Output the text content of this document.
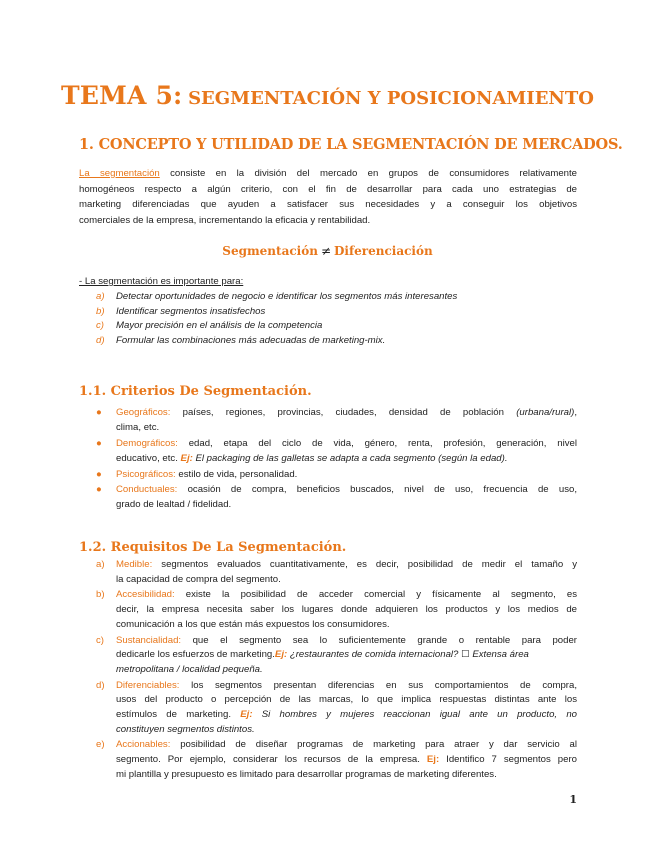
TEMA 5: SEGMENTACIÓN Y POSICIONAMIENTO
1. CONCEPTO Y UTILIDAD DE LA SEGMENTACIÓN DE MERCADOS.
La segmentación consiste en la división del mercado en grupos de consumidores relativamente
homogéneos respecto a algún criterio, con el fin de desarrollar para cada uno estrategias de
marketing diferenciadas que ayuden a satisfacer sus necesidades y a conseguir los objetivos
comerciales de la empresa, incrementando la eficacia y rentabilidad.
Segmentación ≠ Diferenciación
- La segmentación es importante para:
a) Detectar oportunidades de negocio e identificar los segmentos más interesantes
b) Identificar segmentos insatisfechos
c) Mayor precisión en el análisis de la competencia
d) Formular las combinaciones más adecuadas de marketing-mix.
1.1. Criterios De Segmentación.
● Geográficos: países, regiones, provincias, ciudades, densidad de población (urbana/rural),
clima, etc.
● Demográficos: edad, etapa del ciclo de vida, género, renta, profesión, generación, nivel
educativo, etc. Ej: El packaging de las galletas se adapta a cada segmento (según la edad).
● Psicográficos: estilo de vida, personalidad.
● Conductuales: ocasión de compra, beneficios buscados, nivel de uso, frecuencia de uso,
grado de lealtad / fidelidad.
1.2. Requisitos De La Segmentación.
a) Medible: segmentos evaluados cuantitativamente, es decir, posibilidad de medir el tamaño y
la capacidad de compra del segmento.
b) Accesibilidad: existe la posibilidad de acceder comercial y físicamente al segmento, es
decir, la empresa necesita saber los lugares donde adquieren los productos y los medios de
comunicación a los que están más expuestos los consumidores.
c) Sustancialidad: que el segmento sea lo suficientemente grande o rentable para poder
dedicarle los esfuerzos de marketing.Ej: ¿restaurantes de comida internacional? ☐ Extensa área
metropolitana / localidad pequeña.
d) Diferenciables: los segmentos presentan diferencias en sus comportamientos de compra,
usos del producto o percepción de las marcas, lo que implica respuestas distintas ante los
estímulos de marketing. Ej: Si hombres y mujeres reaccionan igual ante un producto, no
constituyen segmentos distintos.
e) Accionables: posibilidad de diseñar programas de marketing para atraer y dar servicio al
segmento. Por ejemplo, considerar los recursos de la empresa. Ej: Identifico 7 segmentos pero
mi plantilla y presupuesto es limitado para desarrollar programas de marketing diferentes.
1
